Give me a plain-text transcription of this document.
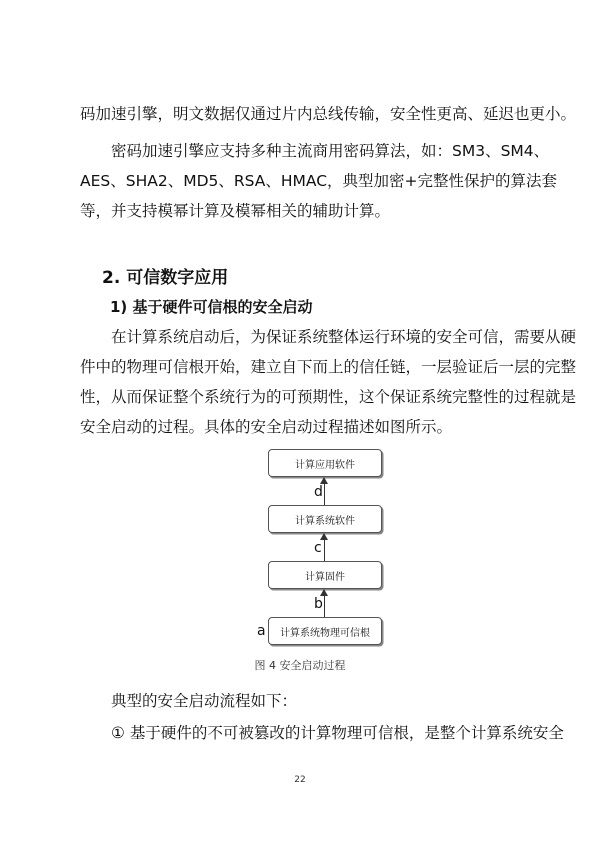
码加速引擎，明文数据仅通过片内总线传输，安全性更高、延迟也更小。
密码加速引擎应支持多种主流商用密码算法，如：SM3、SM4、
AES、SHA2、MD5、RSA、HMAC，典型加密+完整性保护的算法套
等，并支持模幂计算及模幂相关的辅助计算。
2. 可信数字应用
1) 基于硬件可信根的安全启动
在计算系统启动后，为保证系统整体运行环境的安全可信，需要从硬
件中的物理可信根开始，建立自下而上的信任链，一层验证后一层的完整
性，从而保证整个系统行为的可预期性，这个保证系统完整性的过程就是
安全启动的过程。具体的安全启动过程描述如图所示。
计算应用软件
计算系统软件
计算固件
计算系统物理可信根
d
c
b
a
图 4 安全启动过程
典型的安全启动流程如下：
① 基于硬件的不可被篡改的计算物理可信根，是整个计算系统安全
22
